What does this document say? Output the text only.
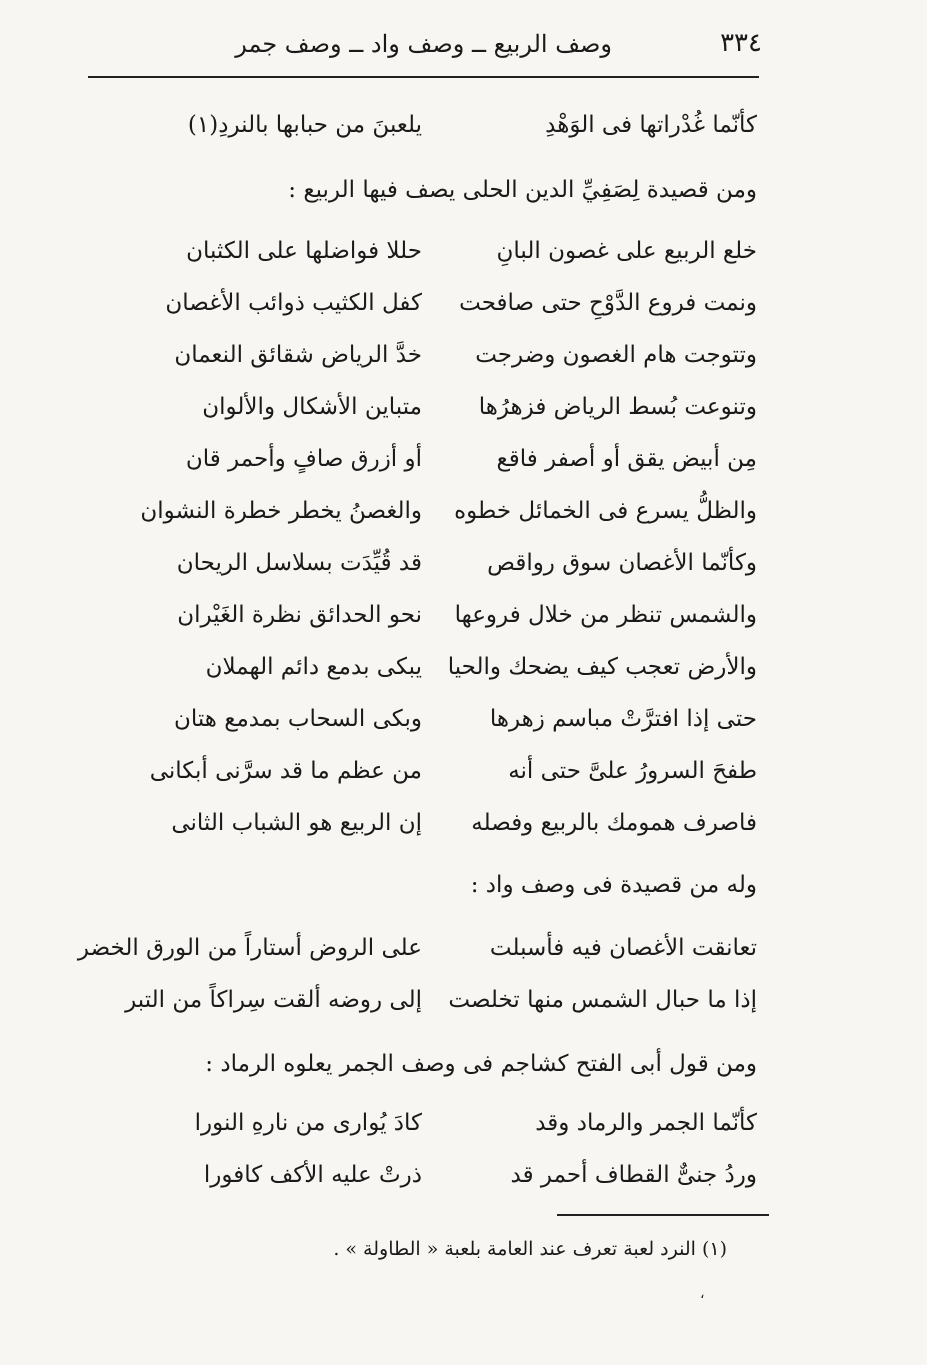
٣٣٤
وصف الربيع ــ وصف واد ــ وصف جمر
كأنّما غُدْراتها فى الوَهْدِ
يلعبنَ من حبابها بالنردِ(١)
ومن قصيدة لِصَفِيِّ الدين الحلى يصف فيها الربيع :
خلع الربيع على غصون البانِ
حللا فواضلها على الكثبان
ونمت فروع الدَّوْحِ حتى صافحت
كفل الكثيب ذوائب الأغصان
وتتوجت هام الغصون وضرجت
خدَّ الرياض شقائق النعمان
وتنوعت بُسط الرياض فزهرُها
متباين الأشكال والألوان
مِن أبيض يقق أو أصفر فاقع
أو أزرق صافٍ وأحمر قان
والظلُّ يسرع فى الخمائل خطوه
والغصنُ يخطر خطرة النشوان
وكأنّما الأغصان سوق رواقص
قد قُيِّدَت بسلاسل الريحان
والشمس تنظر من خلال فروعها
نحو الحدائق نظرة الغَيْران
والأرض تعجب كيف يضحك والحيا
يبكى بدمع دائم الهملان
حتى إذا افترَّتْ مباسم زهرها
وبكى السحاب بمدمع هتان
طفحَ السرورُ علىَّ حتى أنه
من عظم ما قد سرَّنى أبكانى
فاصرف همومك بالربيع وفصله
إن الربيع هو الشباب الثانى
وله من قصيدة فى وصف واد :
تعانقت الأغصان فيه فأسبلت
على الروض أستاراً من الورق الخضر
إذا ما حبال الشمس منها تخلصت
إلى روضه ألقت سِراكاً من التبر
ومن قول أبى الفتح كشاجم فى وصف الجمر يعلوه الرماد :
كأنّما الجمر والرماد وقد
كادَ يُوارى من نارهِ النورا
وردُ جنىٌّ القطاف أحمر قد
ذرتْ عليه الأكف كافورا
(١) النرد لعبة تعرف عند العامة بلعبة « الطاولة » .
،
